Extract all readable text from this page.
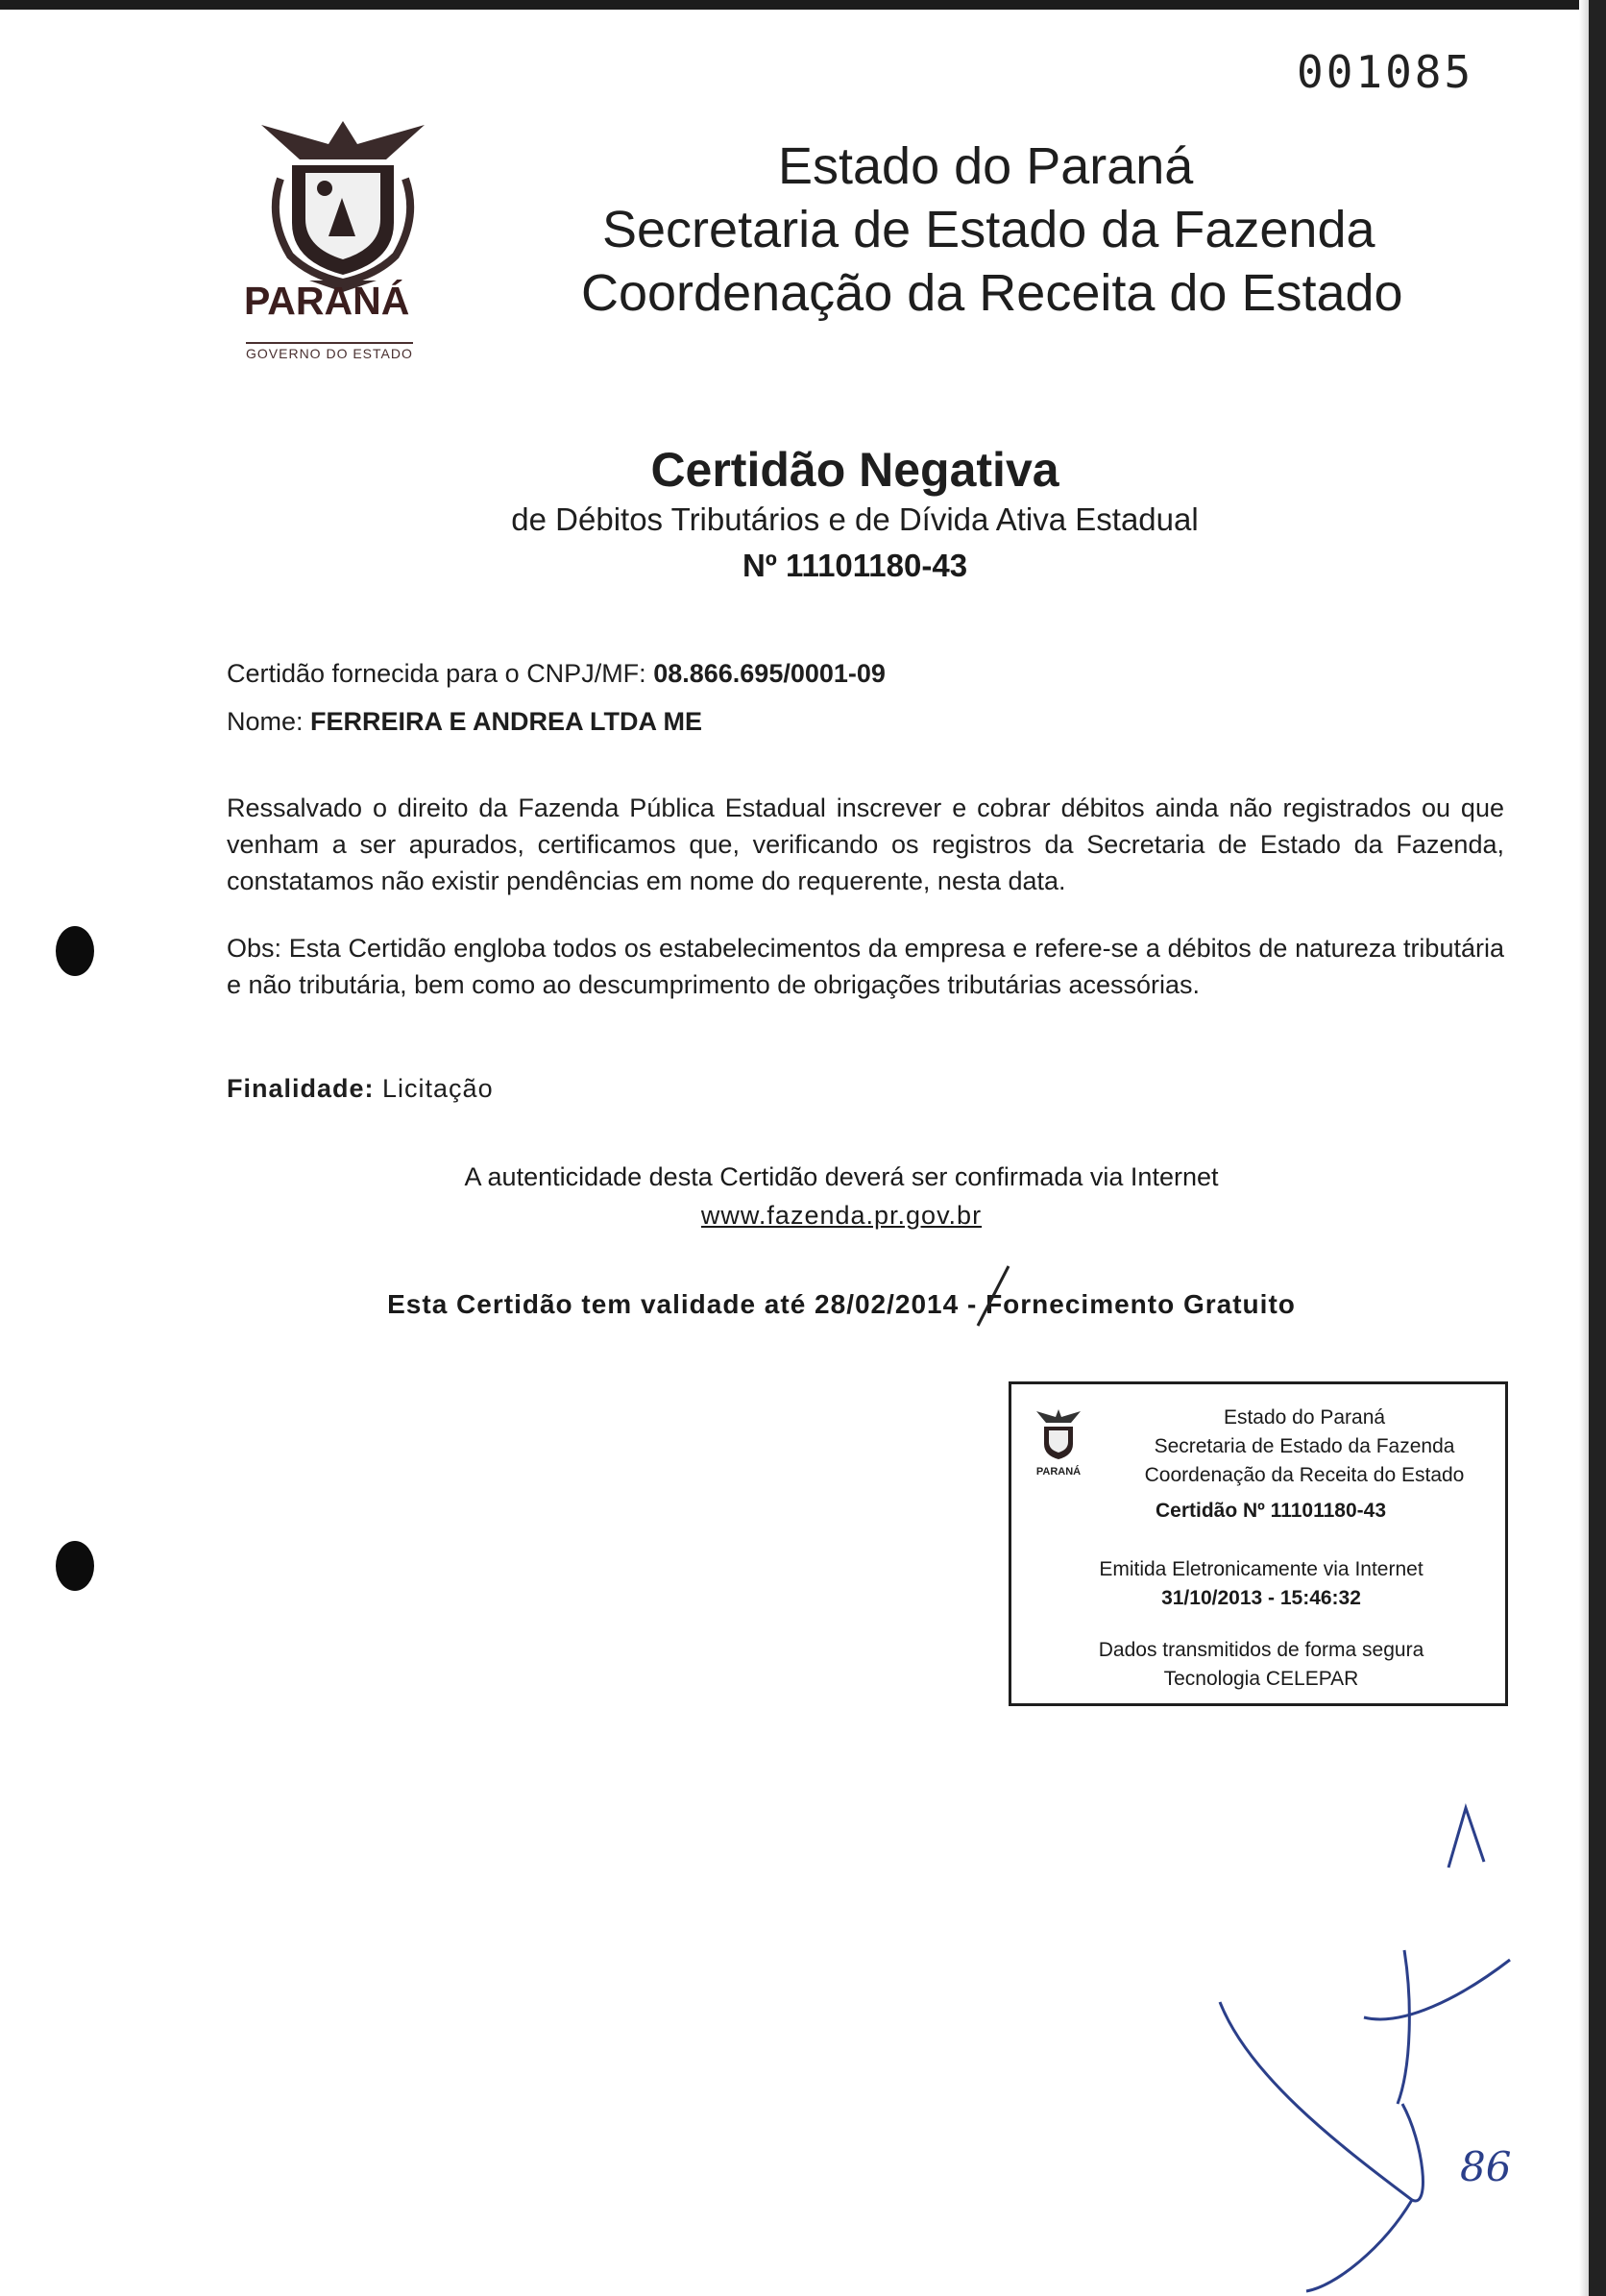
001085
PARANÁ
GOVERNO DO ESTADO
Estado do Paraná
Secretaria de Estado da Fazenda
Coordenação da Receita do Estado
Certidão Negativa
de Débitos Tributários e de Dívida Ativa Estadual
Nº 11101180-43
Certidão fornecida para o CNPJ/MF: 08.866.695/0001-09
Nome: FERREIRA E ANDREA LTDA ME
Ressalvado o direito da Fazenda Pública Estadual inscrever e cobrar débitos ainda não registrados ou que venham a ser apurados, certificamos que, verificando os registros da Secretaria de Estado da Fazenda, constatamos não existir pendências em nome do requerente, nesta data.
Obs: Esta Certidão engloba todos os estabelecimentos da empresa e refere-se a débitos de natureza tributária e não tributária, bem como ao descumprimento de obrigações tributárias acessórias.
Finalidade: Licitação
A autenticidade desta Certidão deverá ser confirmada via Internet
www.fazenda.pr.gov.br
Esta Certidão tem validade até 28/02/2014 - Fornecimento Gratuito
PARANÁ
Estado do Paraná
Secretaria de Estado da Fazenda
Coordenação da Receita do Estado
Certidão Nº 11101180-43
Emitida Eletronicamente via Internet
31/10/2013 - 15:46:32
Dados transmitidos de forma segura
Tecnologia CELEPAR
86
1
